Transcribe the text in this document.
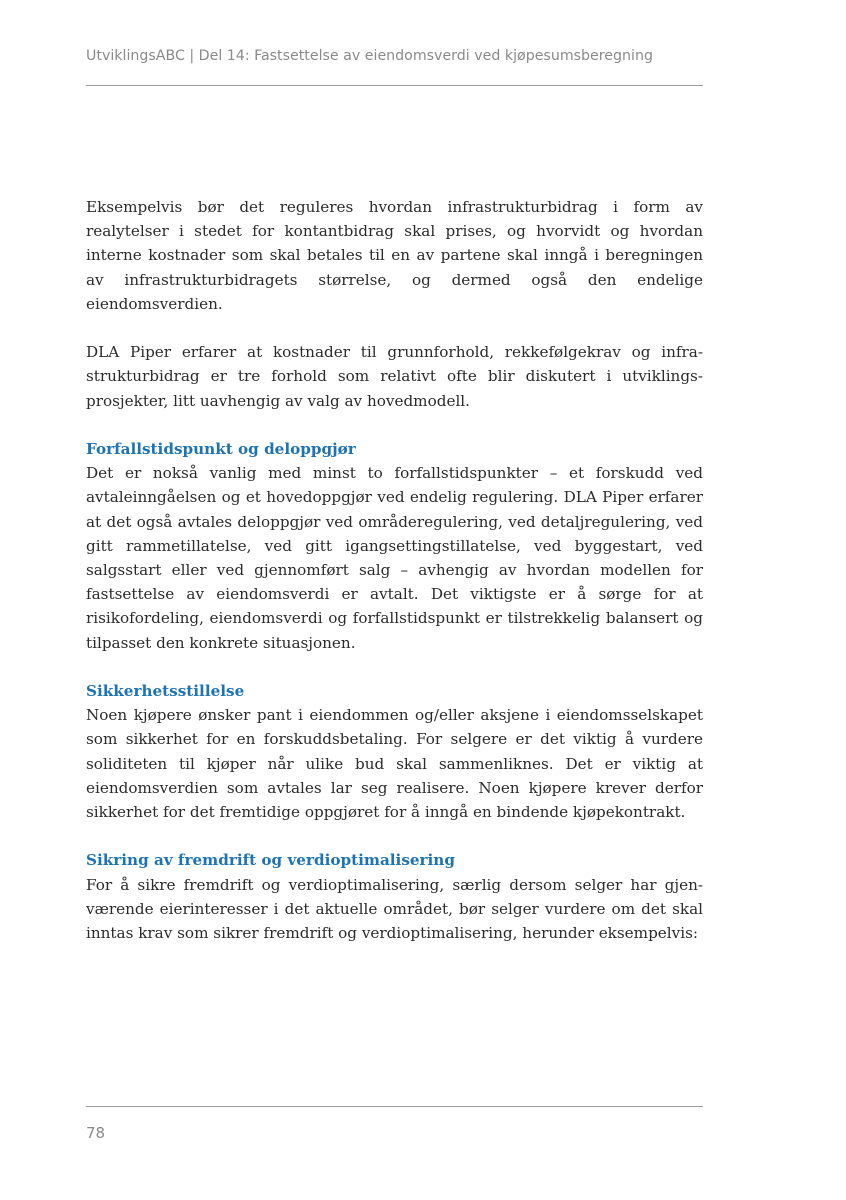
UtviklingsABC | Del 14: Fastsettelse av eiendomsverdi ved kjøpesumsberegning

Eksempelvis bør det reguleres hvordan infrastrukturbidrag i form av realytelser i stedet for kontantbidrag skal prises, og hvorvidt og hvordan interne kostnader som skal betales til en av partene skal inngå i beregningen av infrastrukturbidragets størrelse, og dermed også den endelige eiendomsverdien.

DLA Piper erfarer at kostnader til grunnforhold, rekkefølgekrav og infrastrukturbidrag er tre forhold som relativt ofte blir diskutert i utviklingsprosjekter, litt uavhengig av valg av hovedmodell.

Forfallstidspunkt og deloppgjør

Det er nokså vanlig med minst to forfallstidspunkter – et forskudd ved avtaleinngåelsen og et hovedoppgjør ved endelig regulering. DLA Piper erfarer at det også avtales deloppgjør ved områderegulering, ved detaljregulering, ved gitt rammetillatelse, ved gitt igangsettingstillatelse, ved byggestart, ved salgsstart eller ved gjennomført salg – avhengig av hvordan modellen for fastsettelse av eiendomsverdi er avtalt. Det viktigste er å sørge for at risikofordeling, eiendomsverdi og forfallstidspunkt er tilstrekkelig balansert og tilpasset den konkrete situasjonen.

Sikkerhetsstillelse

Noen kjøpere ønsker pant i eiendommen og/eller aksjene i eiendomsselskapet som sikkerhet for en forskuddsbetaling. For selgere er det viktig å vurdere soliditeten til kjøper når ulike bud skal sammenliknes. Det er viktig at eiendomsverdien som avtales lar seg realisere. Noen kjøpere krever derfor sikkerhet for det fremtidige oppgjøret for å inngå en bindende kjøpekontrakt.

Sikring av fremdrift og verdioptimalisering

For å sikre fremdrift og verdioptimalisering, særlig dersom selger har gjenværende eierinteresser i det aktuelle området, bør selger vurdere om det skal inntas krav som sikrer fremdrift og verdioptimalisering, herunder eksempelvis:

78
